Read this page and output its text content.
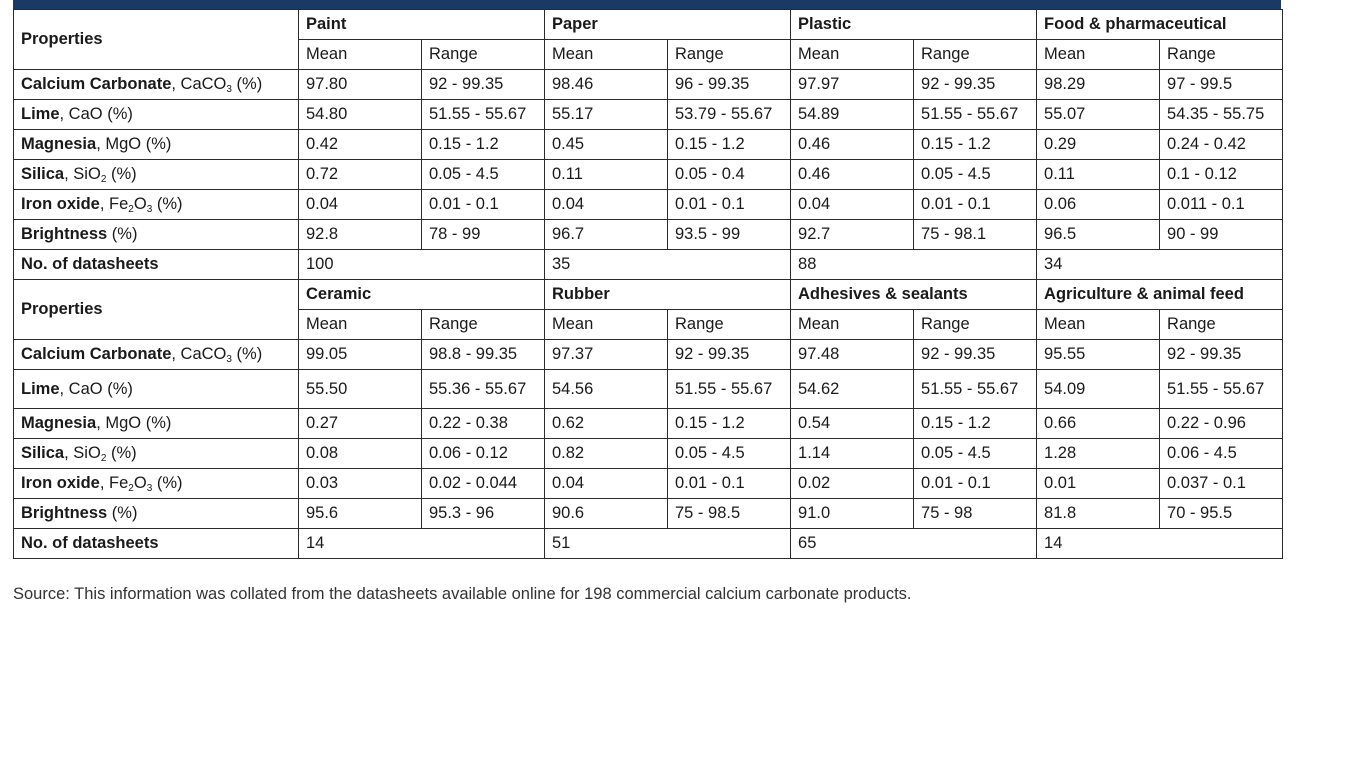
Properties	Paint		Paper		Plastic		Food & pharmaceutical	
	Mean	Range	Mean	Range	Mean	Range	Mean	Range
Calcium Carbonate, CaCO$_3$ (%)	97.80	92 - 99.35	98.46	96 - 99.35	97.97	92 - 99.35	98.29	97 - 99.5
Lime, CaO (%)	54.80	51.55 - 55.67	55.17	53.79 - 55.67	54.89	51.55 - 55.67	55.07	54.35 - 55.75
Magnesia, MgO (%)	0.42	0.15 - 1.2	0.45	0.15 - 1.2	0.46	0.15 - 1.2	0.29	0.24 - 0.42
Silica, SiO$_2$ (%)	0.72	0.05 - 4.5	0.11	0.05 - 0.4	0.46	0.05 - 4.5	0.11	0.1 - 0.12
Iron oxide, $Fe_2O_3$ (%)	0.04	0.01 - 0.1	0.04	0.01 - 0.1	0.04	0.01 - 0.1	0.06	0.011 - 0.1
Brightness (%)	92.8	78 - 99	96.7	93.5 - 99	92.7	75 - 98.1	96.5	90 - 99
No. of datasheets	100		35		88		34	
Properties	Ceramic		Rubber		Adhesives & sealants		Agriculture & animal feed	
	Mean	Range	Mean	Range	Mean	Range	Mean	Range
Calcium Carbonate, CaCO$_3$ (%)	99.05	98.8 - 99.35	97.37	92 - 99.35	97.48	92 - 99.35	95.55	92 - 99.35
Lime, CaO (%)	55.50	55.36 - 55.67	54.56	51.55 - 55.67	54.62	51.55 - 55.67	54.09	51.55 - 55.67
Magnesia, MgO (%)	0.27	0.22 - 0.38	0.62	0.15 - 1.2	0.54	0.15 - 1.2	0.66	0.22 - 0.96
Silica, SiO$_2$ (%)	0.08	0.06 - 0.12	0.82	0.05 - 4.5	1.14	0.05 - 4.5	1.28	0.06 - 4.5
Iron oxide, $Fe_2O_3$ (%)	0.03	0.02 - 0.044	0.04	0.01 - 0.1	0.02	0.01 - 0.1	0.01	0.037 - 0.1
Brightness (%)	95.6	95.3 - 96	90.6	75 - 98.5	91.0	75 - 98	81.8	70 - 95.5
No. of datasheets	14		51		65		14	
Source: This information was collated from the datasheets available online for 198 commercial calcium carbonate products.
